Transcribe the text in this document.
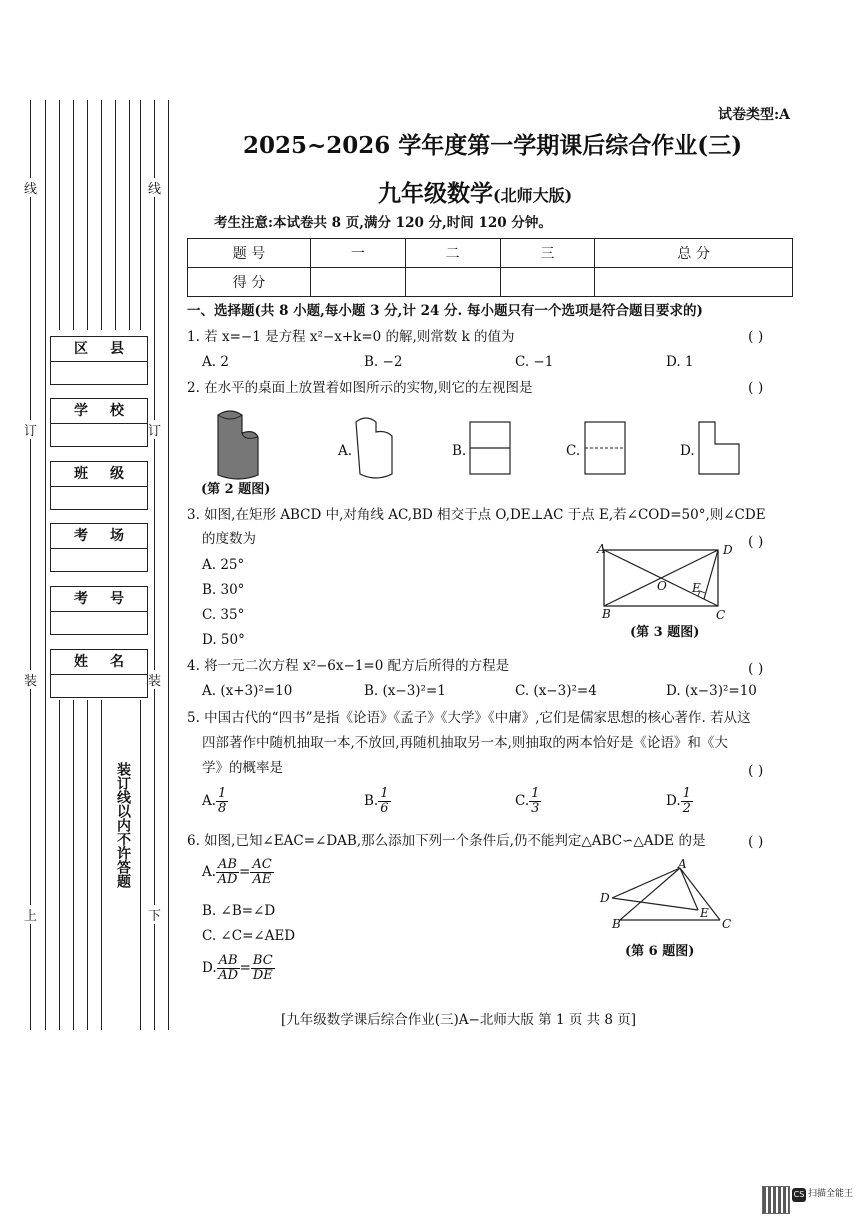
线	线
订	订
装	装
上	下
装订线以内不许答题
区县
学校
班级
考场
考号
姓名
试卷类型:A
2025~2026 学年度第一学期课后综合作业(三)
九年级数学(北师大版)
考生注意:本试卷共 8 页,满分 120 分,时间 120 分钟。
题 号	一	二	三	总 分
得 分				
一、选择题(共 8 小题,每小题 3 分,计 24 分. 每小题只有一个选项是符合题目要求的)
1. 若 x=−1 是方程 x²−x+k=0 的解,则常数 k 的值为	( )
A. 2	B. −2	C. −1	D. 1
2. 在水平的桌面上放置着如图所示的实物,则它的左视图是	( )
A.	B.	C.	D.
(第 2 题图)
3. 如图,在矩形 ABCD 中,对角线 AC,BD 相交于点 O,DE⊥AC 于点 E,若∠COD=50°,则∠CDE
的度数为	( )
A. 25°
B. 30°
C. 35°
D. 50°
A	D
B	C
O E
(第 3 题图)
4. 将一元二次方程 x²−6x−1=0 配方后所得的方程是	( )
A. (x+3)²=10	B. (x−3)²=1	C. (x−3)²=4	D. (x−3)²=10
5. 中国古代的“四书”是指《论语》《孟子》《大学》《中庸》,它们是儒家思想的核心著作. 若从这
四部著作中随机抽取一本,不放回,再随机抽取另一本,则抽取的两本恰好是《论语》和《大
学》的概率是	( )
A. $\frac{1}{8}$	B. $\frac{1}{6}$	C. $\frac{1}{3}$	D. $\frac{1}{2}$
6. 如图,已知∠EAC=∠DAB,那么添加下列一个条件后,仍不能判定△ABC∽△ADE 的是	( )
A. $\frac{AB}{AD} = \frac{AC}{AE}$
B. ∠B=∠D
C. ∠C=∠AED
D. $\frac{AB}{AD} = \frac{BC}{DE}$
A
D
B	C
E
(第 6 题图)
[九年级数学课后综合作业(三)A−北师大版 第 1 页 共 8 页]
CS 扫描全能王
